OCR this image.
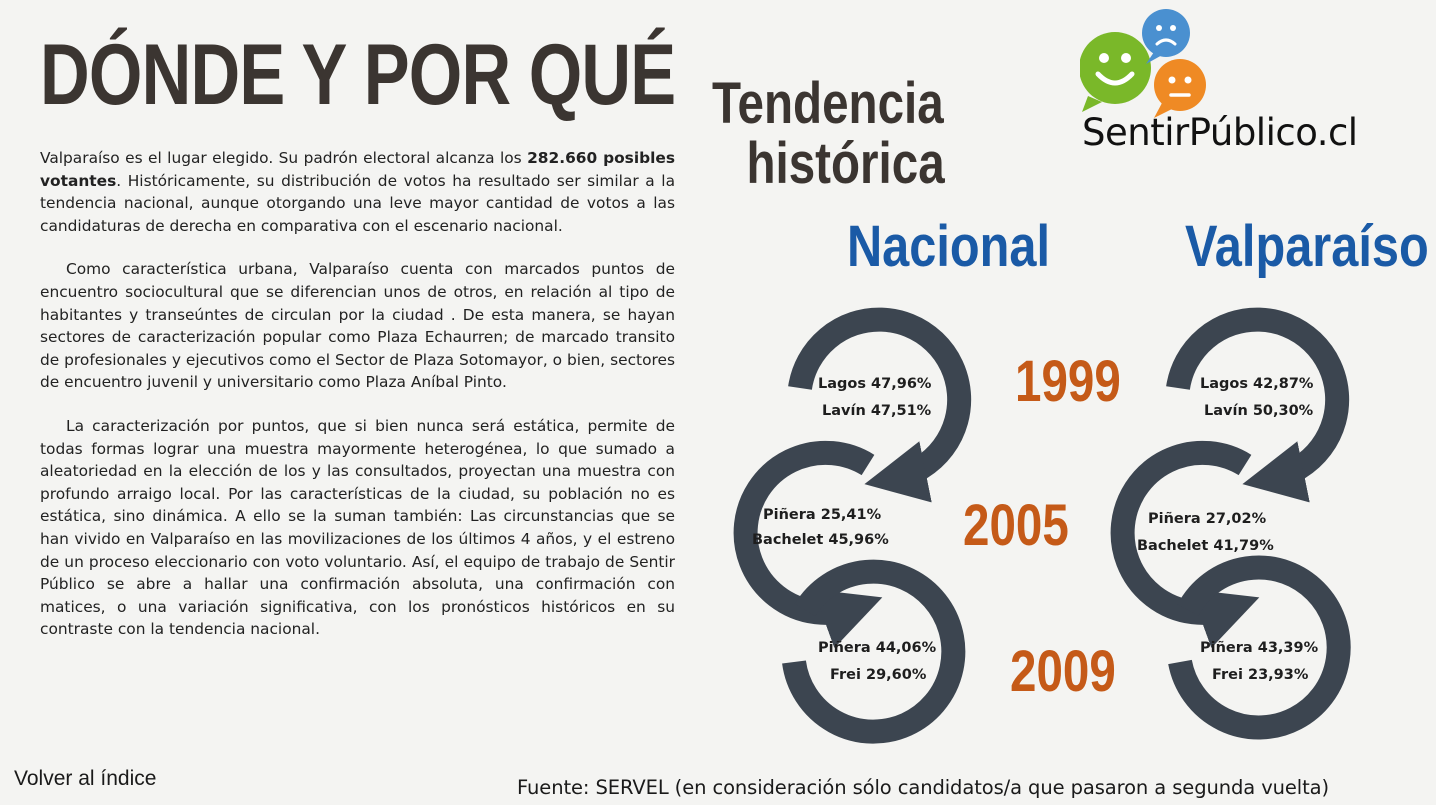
DÓNDE Y POR QUÉ

Valparaíso es el lugar elegido. Su padrón electoral alcanza los 282.660 posibles votantes. Históricamente, su distribución de votos ha resultado ser similar a la tendencia nacional, aunque otorgando una leve mayor cantidad de votos a las candidaturas de derecha en comparativa con el escenario nacional.

Como característica urbana, Valparaíso cuenta con marcados puntos de encuentro sociocultural que se diferencian unos de otros, en relación al tipo de habitantes y transeúntes de circulan por la ciudad . De esta manera, se hayan sectores de caracterización popular como Plaza Echaurren; de marcado transito de profesionales y ejecutivos como el Sector de Plaza Sotomayor, o bien, sectores de encuentro juvenil y universitario como Plaza Aníbal Pinto.

La caracterización por puntos, que si bien nunca será estática, permite de todas formas lograr una muestra mayormente heterogénea, lo que sumado a aleatoriedad en la elección de los y las consultados, proyectan una muestra con profundo arraigo local. Por las características de la ciudad, su población no es estática, sino dinámica. A ello se la suman también: Las circunstancias que se han vivido en Valparaíso en las movilizaciones de los últimos 4 años, y el estreno de un proceso eleccionario con voto voluntario. Así, el equipo de trabajo de Sentir Público se abre a hallar una confirmación absoluta, una confirmación con matices, o una variación significativa, con los pronósticos históricos en su contraste con la tendencia nacional.

Volver al índice	Fuente: SERVEL (en consideración sólo candidatos/a que pasaron a segunda vuelta)
Tendencia
histórica
Nacional Valparaíso
1999
2005
2009
Lagos 47,96%
Lavín 47,51%
Piñera 25,41%
Bachelet 45,96%
Piñera 44,06%
Frei 29,60%
Lagos 42,87%
Lavín 50,30%
Piñera 27,02%
Bachelet 41,79%
Piñera 43,39%
Frei 23,93%
SentirPúblico.cl
